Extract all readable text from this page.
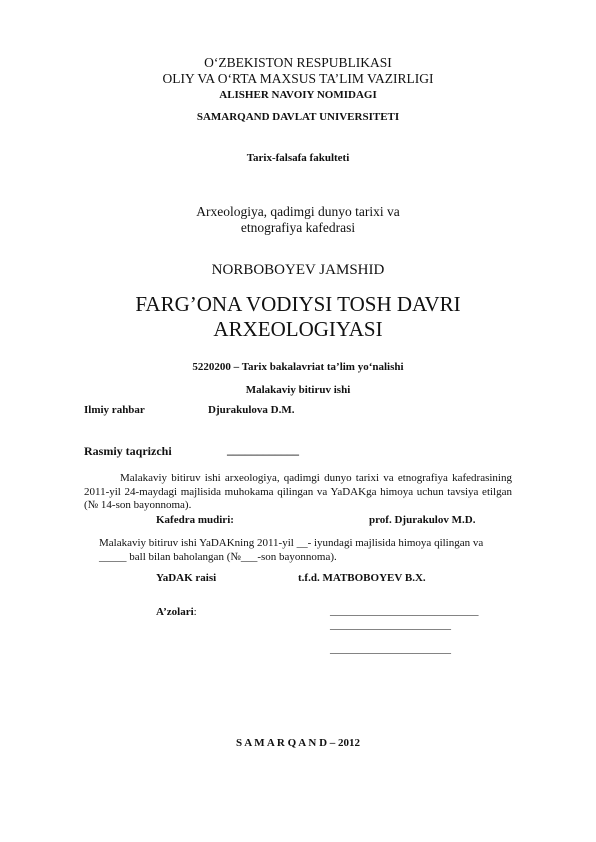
O‘ZBEKISTON RESPUBLIKASI
OLIY VA O‘RTA MAXSUS TA’LIM VAZIRLIGI
ALISHER NAVOIY NOMIDAGI
SAMARQAND DAVLAT UNIVERSITETI
Tarix-falsafa fakulteti
Arxeologiya, qadimgi dunyo tarixi va
etnografiya kafedrasi
NORBOBOYEV JAMSHID
FARG’ONA VODIYSI TOSH DAVRI
ARXEOLOGIYASI
5220200 – Tarix bakalavriat ta’lim yo‘nalishi
Malakaviy bitiruv ishi
Ilmiy rahbar	Djurakulova D.M.
Rasmiy taqrizchi	____________
Malakaviy bitiruv ishi arxeologiya, qadimgi dunyo tarixi va etnografiya kafedrasining 2011-yil 24-maydagi majlisida muhokama qilingan va YaDAKga himoya uchun tavsiya etilgan (№ 14-son bayonnoma).
Kafedra mudiri:	prof. Djurakulov M.D.
Malakaviy bitiruv ishi YaDAKning 2011-yil __- iyundagi majlisida himoya qilingan va
_____ ball bilan baholangan (№___-son bayonnoma).
YaDAK raisi	t.f.d. MATBOBOYEV B.X.
A’zolari:	___________________________
______________________
______________________
S A M A R Q A N D – 2012
